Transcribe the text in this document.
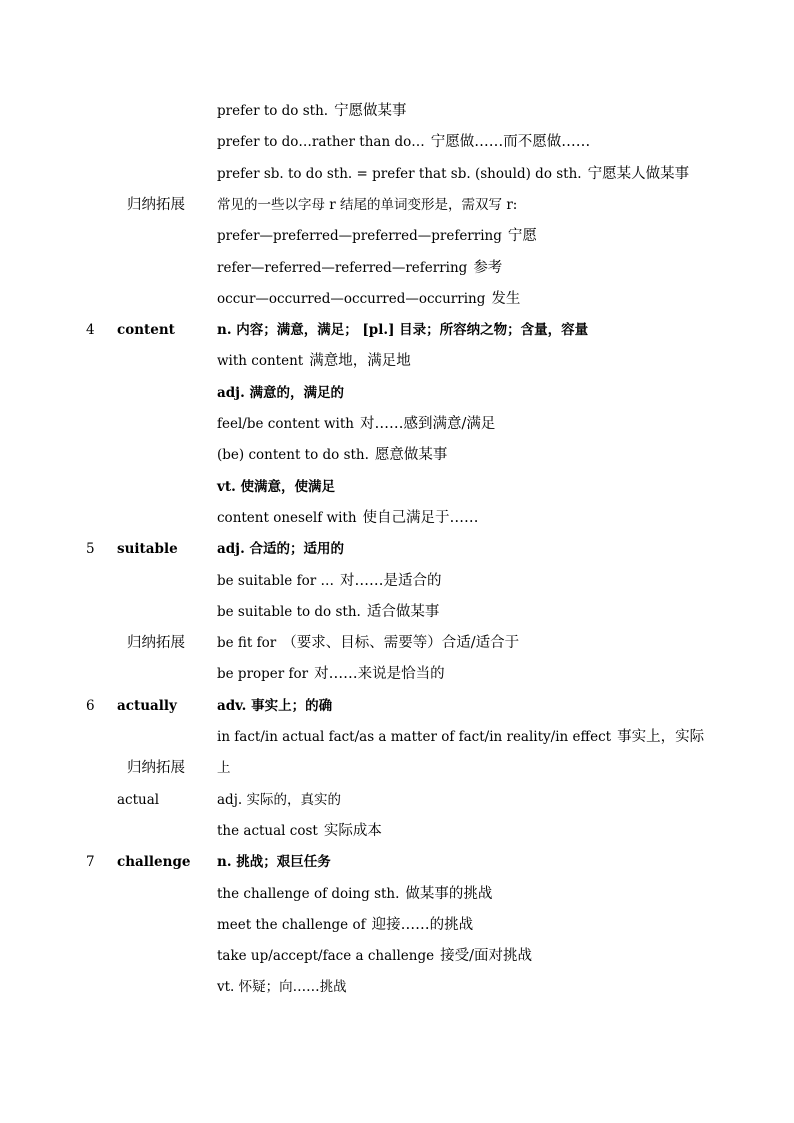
prefer to do sth. 宁愿做某事
prefer to do…rather than do… 宁愿做……而不愿做……
prefer sb. to do sth. = prefer that sb. (should) do sth. 宁愿某人做某事
归纳拓展 常见的一些以字母 r 结尾的单词变形是，需双写 r:
prefer—preferred—preferred—preferring 宁愿
refer—referred—referred—referring 参考
occur—occurred—occurred—occurring 发生
4 content	n. 内容；满意，满足； [pl.] 目录；所容纳之物；含量，容量
with content 满意地，满足地
adj. 满意的，满足的
feel/be content with 对……感到满意/满足
(be) content to do sth. 愿意做某事
vt. 使满意，使满足
content oneself with 使自己满足于……
5 suitable	adj. 合适的；适用的
be suitable for … 对……是适合的
be suitable to do sth. 适合做某事
归纳拓展 be fit for （要求、目标、需要等）合适/适合于
be proper for 对……来说是恰当的
6 actually	adv. 事实上；的确
in fact/in actual fact/as a matter of fact/in reality/in effect 事实上，实际
归纳拓展 上
actual	adj. 实际的，真实的
the actual cost 实际成本
7 challenge n. 挑战；艰巨任务
the challenge of doing sth. 做某事的挑战
meet the challenge of 迎接……的挑战
take up/accept/face a challenge 接受/面对挑战
vt. 怀疑；向……挑战
